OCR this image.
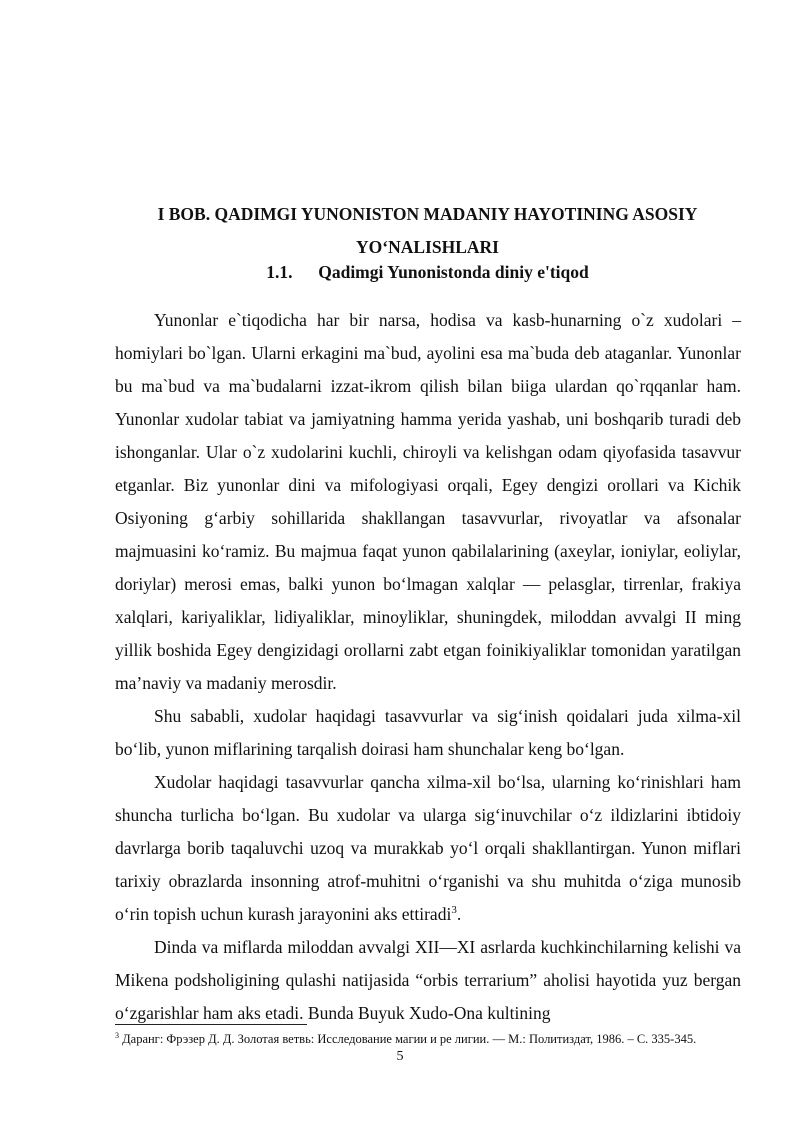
I BOB. QADIMGI YUNONISTON MADANIY HAYOTINING ASOSIY
YO‘NALISHLARI
1.1. Qadimgi Yunonistonda diniy e'tiqod

Yunonlar e`tiqodicha har bir narsa, hodisa va kasb-hunarning o`z xudolari – homiylari bo`lgan. Ularni erkagini ma`bud, ayolini esa ma`buda deb ataganlar. Yunonlar bu ma`bud va ma`budalarni izzat-ikrom qilish bilan biiga ulardan qo`rqqanlar ham. Yunonlar xudolar tabiat va jamiyatning hamma yerida yashab, uni boshqarib turadi deb ishonganlar. Ular o`z xudolarini kuchli, chiroyli va kelishgan odam qiyofasida tasavvur etganlar. Biz yunonlar dini va mifologiyasi orqali, Egey dengizi orollari va Kichik Osiyoning g‘arbiy sohillarida shakllangan tasavvurlar, rivoyatlar va afsonalar majmuasini ko‘ramiz. Bu majmua faqat yunon qabilalarining (axeylar, ioniylar, eoliylar, doriylar) merosi emas, balki yunon bo‘lmagan xalqlar — pelasglar, tirrenlar, frakiya xalqlari, kariyaliklar, lidiyaliklar, minoyliklar, shuningdek, miloddan avvalgi II ming yillik boshida Egey dengizidagi orollarni zabt etgan foinikiyaliklar tomonidan yaratilgan ma’naviy va madaniy merosdir.

Shu sababli, xudolar haqidagi tasavvurlar va sig‘inish qoidalari juda xilma-xil bo‘lib, yunon miflarining tarqalish doirasi ham shunchalar keng bo‘lgan.

Xudolar haqidagi tasavvurlar qancha xilma-xil bo‘lsa, ularning ko‘rinishlari ham shuncha turlicha bo‘lgan. Bu xudolar va ularga sig‘inuvchilar o‘z ildizlarini ibtidoiy davrlarga borib taqaluvchi uzoq va murakkab yo‘l orqali shakllantirgan. Yunon miflari tarixiy obrazlarda insonning atrof-muhitni o‘rganishi va shu muhitda o‘ziga munosib o‘rin topish uchun kurash jarayonini aks ettiradi$^3$.

Dinda va miflarda miloddan avvalgi XII—XI asrlarda kuchkinchilarning kelishi va Mikena podsholigining qulashi natijasida “orbis terrarium” aholisi hayotida yuz bergan o‘zgarishlar ham aks etadi. Bunda Buyuk Xudo-Ona kultining

$^3$ Даранг: Фрэзер Д. Д. Золотая ветвь: Исследование магии и ре лигии. — М.: Политиздат, 1986. – С. 335-345.
5
